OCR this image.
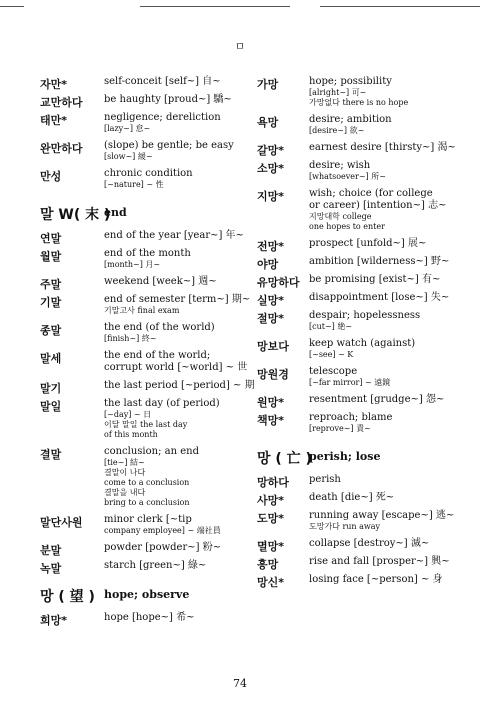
ㅁ
자만*	self-conceit [self~] 自~
교만하다 be haughty [proud~] 驕~
태만*	negligence; dereliction
[lazy~] 怠~
완만하다 (slope) be gentle; be easy
[slow~] 緩~
만성	chronic condition
[~nature] ~ 性
말 W( 末 )
end
연말	end of the year [year~] 年~
월말	end of the month
[month~] 月~
주말	weekend [week~] 週~
기말	end of semester [term~] 期~
기말고사 final exam
종말	the end (of the world)
[finish~] 終~
말세	the end of the world;
corrupt world [~world] ~ 世
말기	the last period [~period] ~ 期
말일	the last day (of period)
[~day] ~ 日
이달 말일 the last day
of this month
결말	conclusion; an end
[tie~] 結~
결말이 나다
come to a conclusion
결말을 내다
bring to a conclusion
말단사원 minor clerk [~tip
company employee] ~ 端社員
분말	powder [powder~] 粉~
녹말	starch [green~] 綠~
망 ( 望 ) hope; observe
희망*	hope [hope~] 希~
가망	hope; possibility
[alright~] 可~
가망없다 there is no hope
욕망	desire; ambition
[desire~] 欲~
갈망* earnest desire [thirsty~] 渴~
소망* desire; wish
[whatsoever~] 所~
지망* wish; choice (for college
or career) [intention~] 志~
지망대학 college
one hopes to enter
전망* prospect [unfold~] 展~
야망	ambition [wilderness~] 野~
유망하다 be promising [exist~] 有~
실망* disappointment [lose~] 失~
절망* despair; hopelessness
[cut~] 絶~
망보다 keep watch (against)
[~see] ~ K
망원경 telescope
[~far mirror] ~ 遠鏡
원망* resentment [grudge~] 怨~
책망* reproach; blame
[reprove~] 責~
망 ( 亡 )
perish; lose
망하다 perish
사망* death [die~] 死~
도망* running away [escape~] 逃~
도망가다 run away
멸망* collapse [destroy~] 滅~
흥망	rise and fall [prosper~] 興~
망신* losing face [~person] ~ 身
74
